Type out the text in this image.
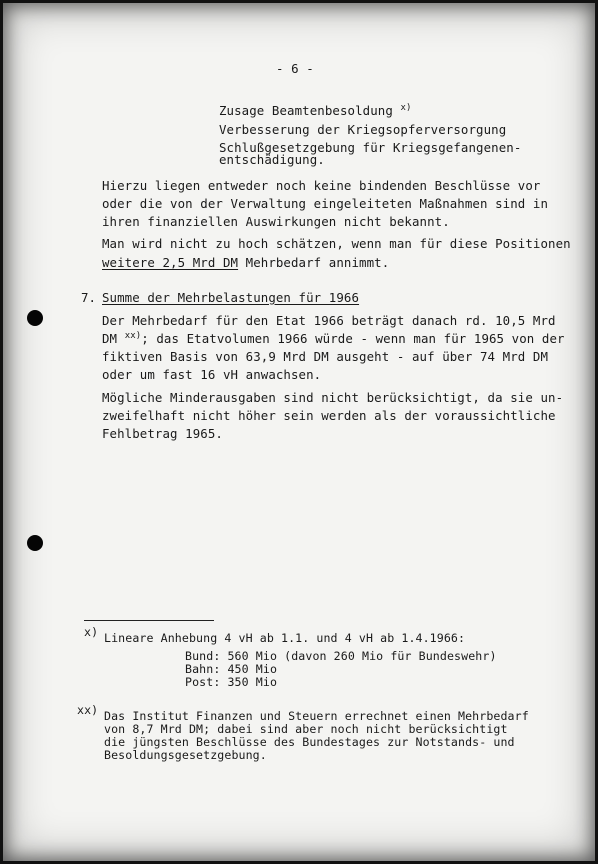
- 6 -
Zusage Beamtenbesoldung $^{x)}$
Verbesserung der Kriegsopferversorgung
Schlußgesetzgebung für Kriegsgefangenen-
entschädigung.
Hierzu liegen entweder noch keine bindenden Beschlüsse vor
oder die von der Verwaltung eingeleiteten Maßnahmen sind in
ihren finanziellen Auswirkungen nicht bekannt.
Man wird nicht zu hoch schätzen, wenn man für diese Positionen
weitere 2,5 Mrd DM Mehrbedarf annimmt.
7. Summe der Mehrbelastungen für 1966
Der Mehrbedarf für den Etat 1966 beträgt danach rd. 10,5 Mrd
DM $^{xx)}$; das Etatvolumen 1966 würde - wenn man für 1965 von der
fiktiven Basis von 63,9 Mrd DM ausgeht - auf über 74 Mrd DM
oder um fast 16 vH anwachsen.
Mögliche Minderausgaben sind nicht berücksichtigt, da sie un-
zweifelhaft nicht höher sein werden als der voraussichtliche
Fehlbetrag 1965.
x) Lineare Anhebung 4 vH ab 1.1. und 4 vH ab 1.4.1966:
Bund: 560 Mio (davon 260 Mio für Bundeswehr)
Bahn: 450 Mio
Post: 350 Mio
xx) Das Institut Finanzen und Steuern errechnet einen Mehrbedarf
von 8,7 Mrd DM; dabei sind aber noch nicht berücksichtigt
die jüngsten Beschlüsse des Bundestages zur Notstands- und
Besoldungsgesetzgebung.
